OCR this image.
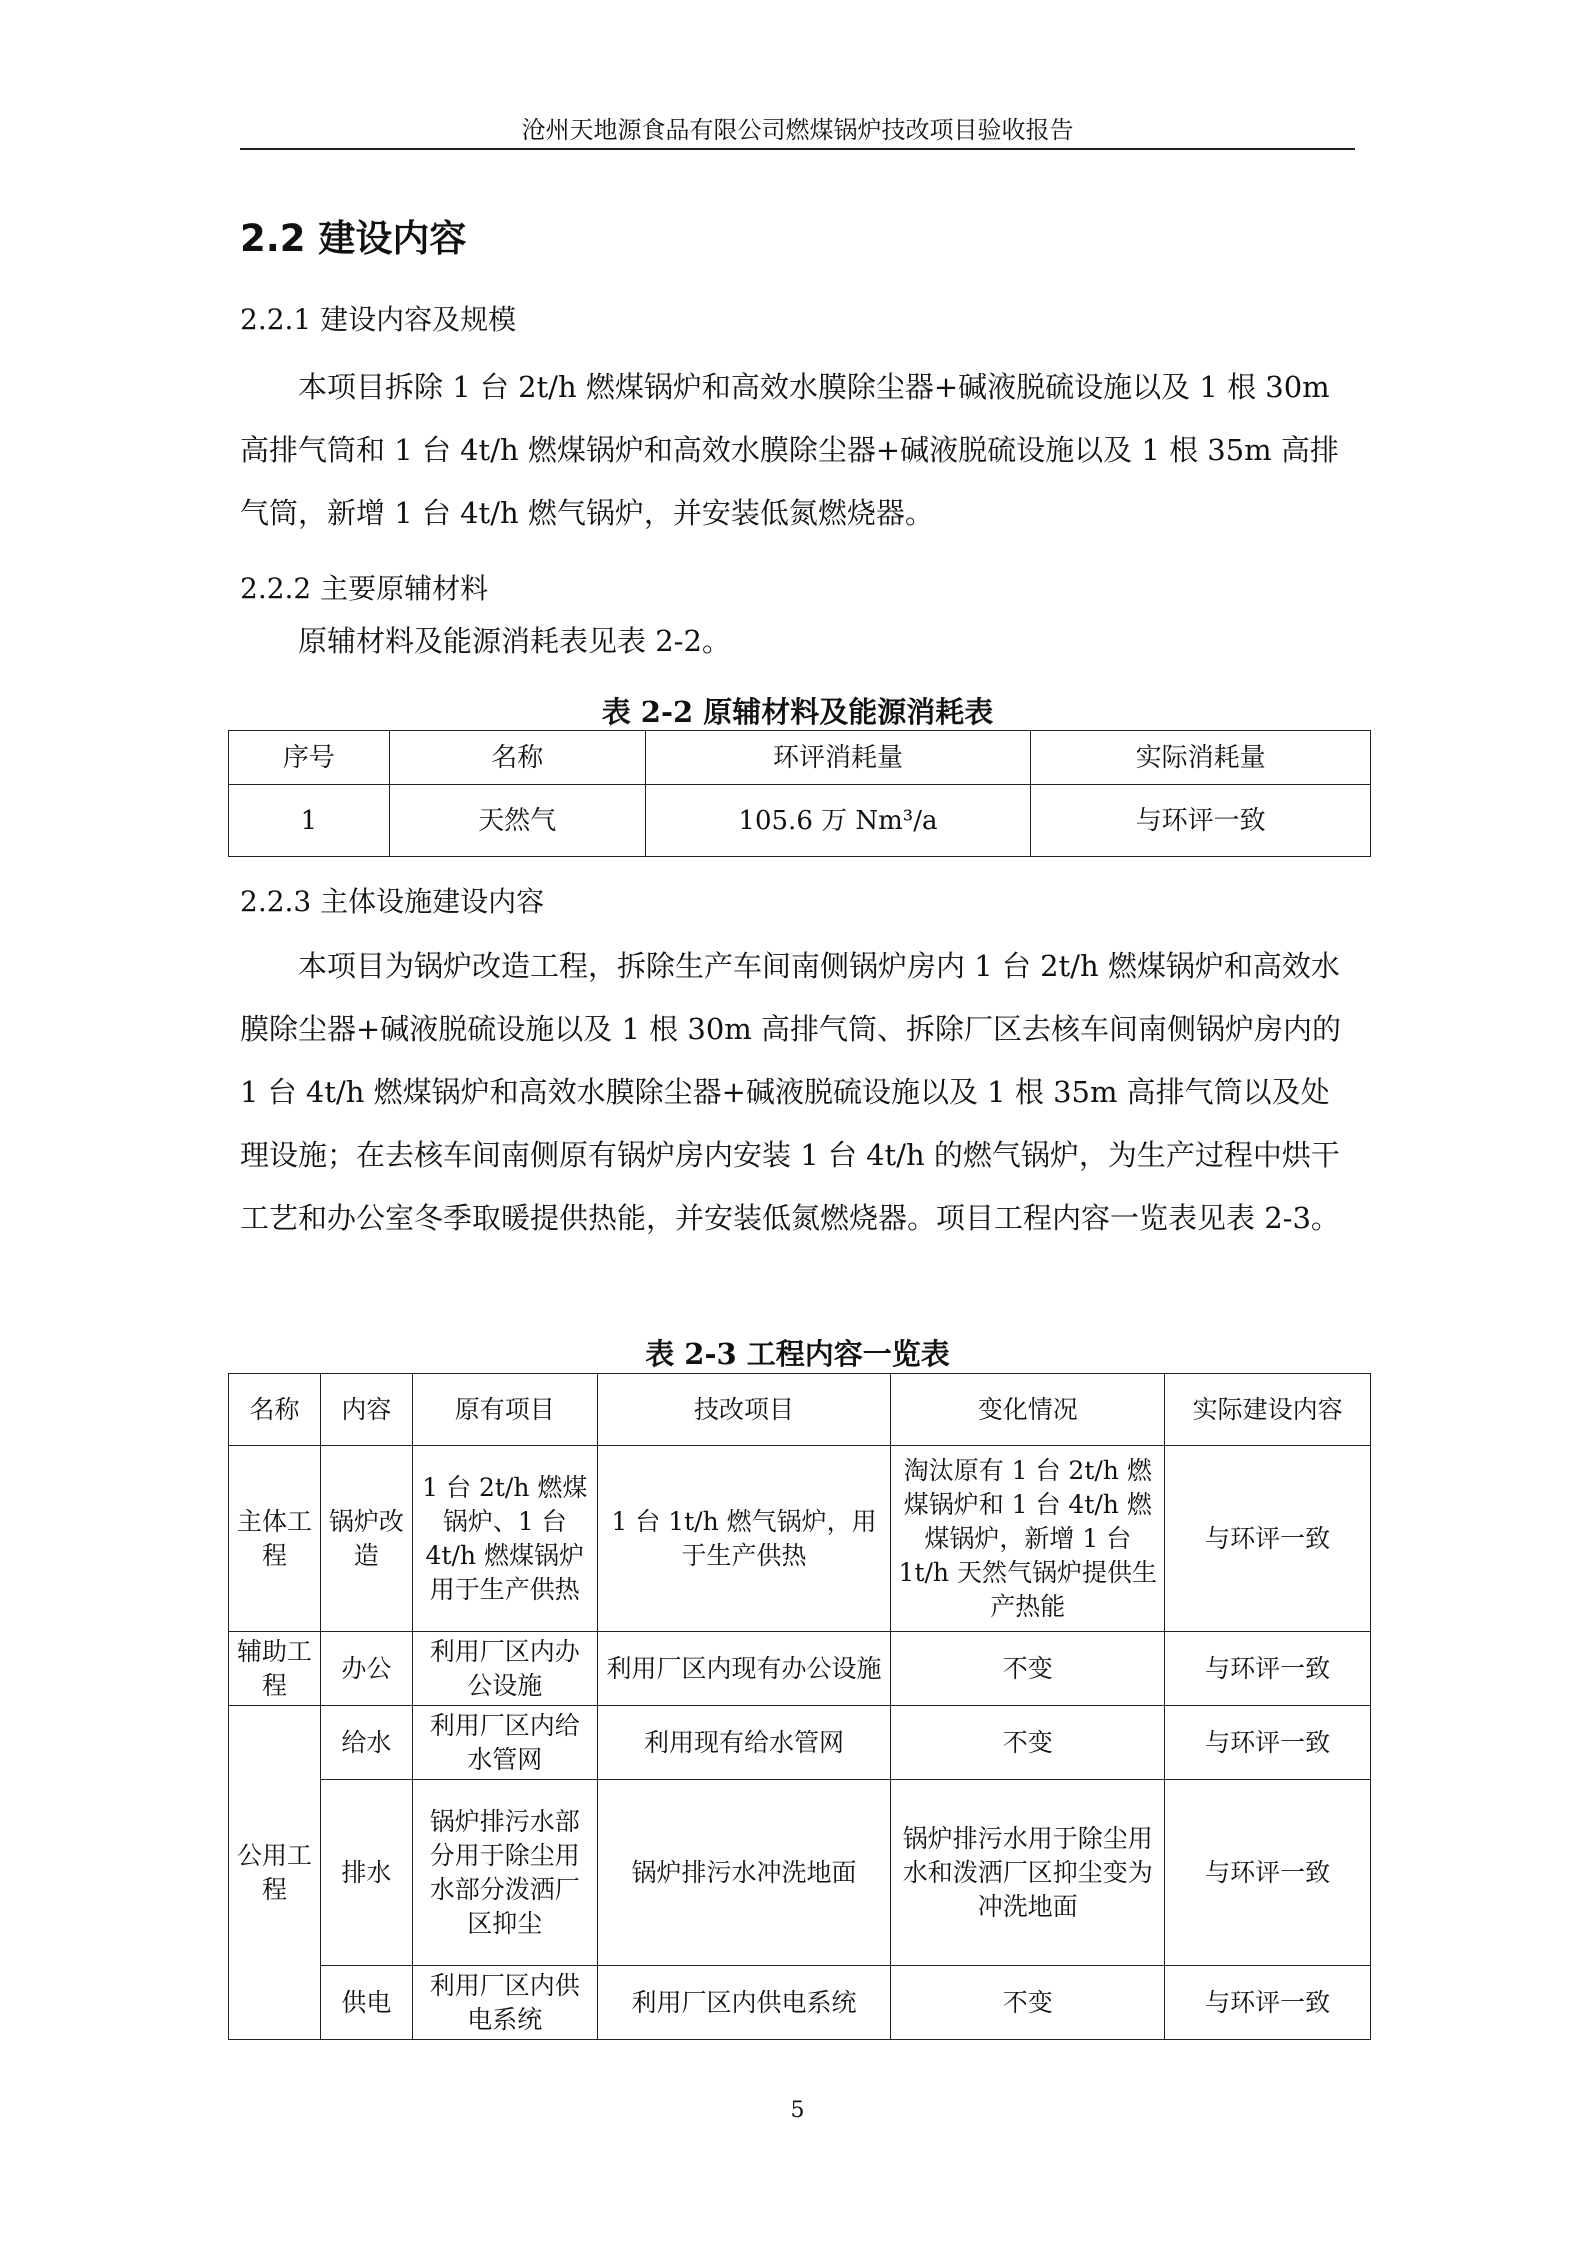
沧州天地源食品有限公司燃煤锅炉技改项目验收报告
2.2 建设内容
2.2.1 建设内容及规模

本项目拆除 1 台 2t/h 燃煤锅炉和高效水膜除尘器+碱液脱硫设施以及 1 根 30m 高排气筒和 1 台 4t/h 燃煤锅炉和高效水膜除尘器+碱液脱硫设施以及 1 根 35m 高排气筒，新增 1 台 4t/h 燃气锅炉，并安装低氮燃烧器。

2.2.2 主要原辅材料

原辅材料及能源消耗表见表 2-2。

表 2-2 原辅材料及能源消耗表
序号	名称	环评消耗量	实际消耗量
1	天然气	105.6 万 Nm³/a	与环评一致
2.2.3 主体设施建设内容

本项目为锅炉改造工程，拆除生产车间南侧锅炉房内 1 台 2t/h 燃煤锅炉和高效水膜除尘器+碱液脱硫设施以及 1 根 30m 高排气筒、拆除厂区去核车间南侧锅炉房内的 1 台 4t/h 燃煤锅炉和高效水膜除尘器+碱液脱硫设施以及 1 根 35m 高排气筒以及处理设施；在去核车间南侧原有锅炉房内安装 1 台 4t/h 的燃气锅炉，为生产过程中烘干工艺和办公室冬季取暖提供热能，并安装低氮燃烧器。项目工程内容一览表见表 2-3。

表 2-3 工程内容一览表
名称	内容	原有项目	技改项目	变化情况	实际建设内容
主体工程	锅炉改造	1 台 2t/h 燃煤锅炉、1 台 4t/h 燃煤锅炉用于生产供热	1 台 1t/h 燃气锅炉，用于生产供热	淘汰原有 1 台 2t/h 燃煤锅炉和 1 台 4t/h 燃煤锅炉，新增 1 台 1t/h 天然气锅炉提供生产热能	与环评一致
辅助工程	办公	利用厂区内办公设施	利用厂区内现有办公设施	不变	与环评一致
公用工程	给水	利用厂区内给水管网	利用现有给水管网	不变	与环评一致
	排水	锅炉排污水部分用于除尘用水部分泼洒厂区抑尘	锅炉排污水冲洗地面	锅炉排污水用于除尘用水和泼洒厂区抑尘变为冲洗地面	与环评一致
	供电	利用厂区内供电系统	利用厂区内供电系统	不变	与环评一致
5
